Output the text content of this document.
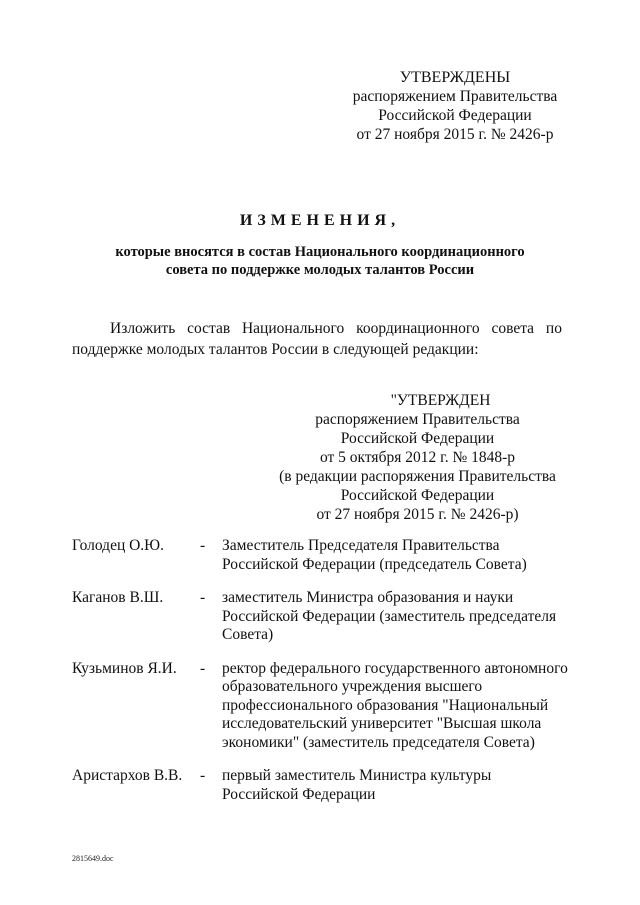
УТВЕРЖДЕНЫ
распоряжением Правительства
Российской Федерации
от 27 ноября 2015 г. № 2426-р
ИЗМЕНЕНИЯ,
которые вносятся в состав Национального координационного
совета по поддержке молодых талантов России
Изложить состав Национального координационного совета по
поддержке молодых талантов России в следующей редакции:
"УТВЕРЖДЕН
распоряжением Правительства
Российской Федерации
от 5 октября 2012 г. № 1848-р
(в редакции распоряжения Правительства
Российской Федерации
от 27 ноября 2015 г. № 2426-р)
Голодец О.Ю.	-	Заместитель Председателя Правительства
Российской Федерации (председатель Совета)
Каганов В.Ш.	-	заместитель Министра образования и науки
Российской Федерации (заместитель председателя
Совета)
Кузьминов Я.И.	-	ректор федерального государственного автономного
образовательного учреждения высшего
профессионального образования "Национальный
исследовательский университет "Высшая школа
экономики" (заместитель председателя Совета)
Аристархов В.В.	-	первый заместитель Министра культуры
Российской Федерации
2815649.doc
